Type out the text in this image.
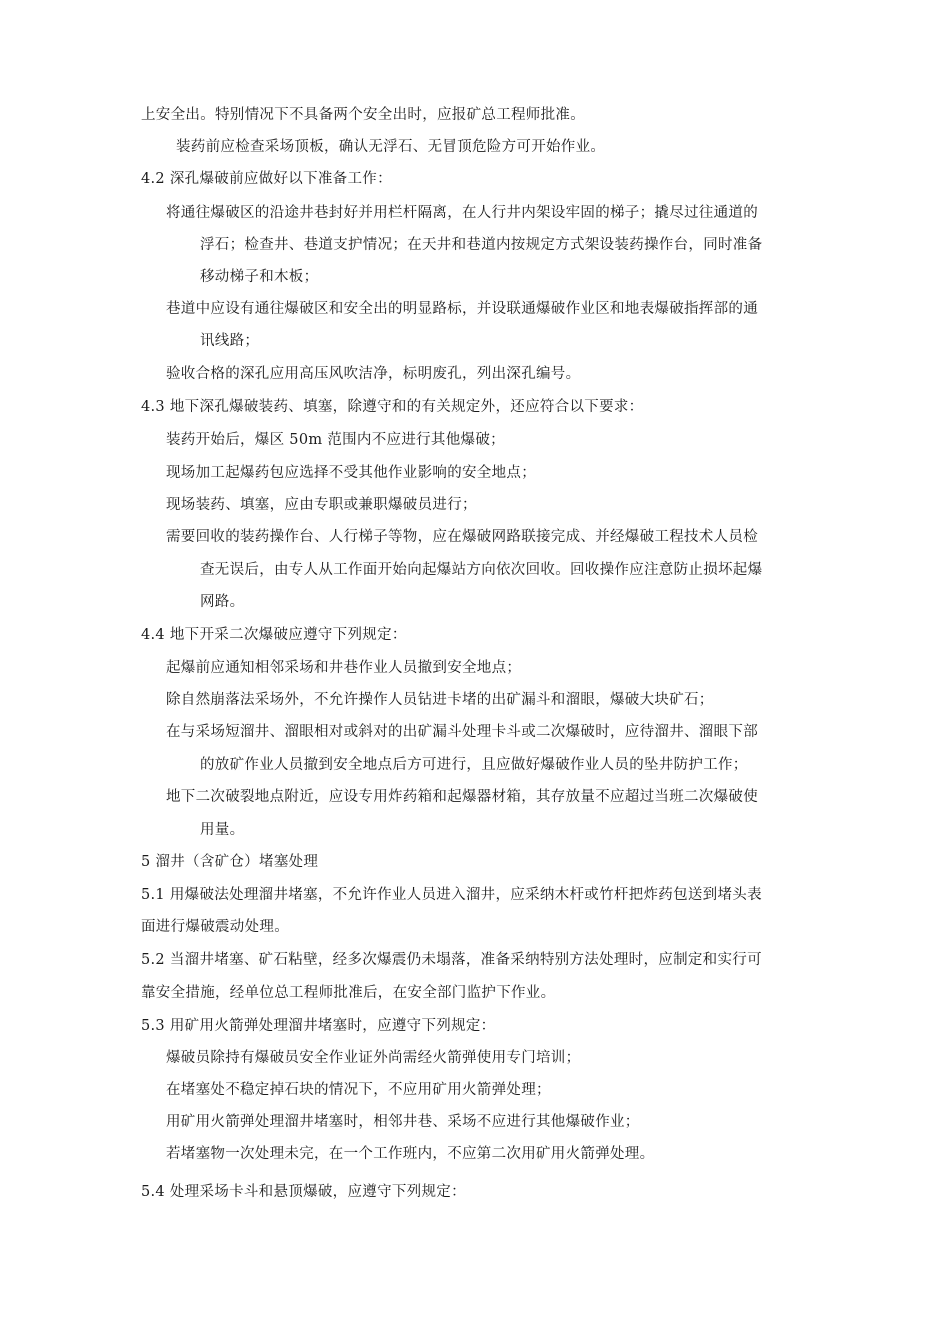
上安全出。特别情况下不具备两个安全出时，应报矿总工程师批准。
装药前应检查采场顶板，确认无浮石、无冒顶危险方可开始作业。
4.2 深孔爆破前应做好以下准备工作：
将通往爆破区的沿途井巷封好并用栏杆隔离，在人行井内架设牢固的梯子；撬尽过往通道的
浮石；检查井、巷道支护情况；在天井和巷道内按规定方式架设装药操作台，同时准备
移动梯子和木板；
巷道中应设有通往爆破区和安全出的明显路标，并设联通爆破作业区和地表爆破指挥部的通
讯线路；
验收合格的深孔应用高压风吹洁净，标明废孔，列出深孔编号。
4.3 地下深孔爆破装药、填塞，除遵守和的有关规定外，还应符合以下要求：
装药开始后，爆区 50m 范围内不应进行其他爆破；
现场加工起爆药包应选择不受其他作业影响的安全地点；
现场装药、填塞，应由专职或兼职爆破员进行；
需要回收的装药操作台、人行梯子等物，应在爆破网路联接完成、并经爆破工程技术人员检
查无误后，由专人从工作面开始向起爆站方向依次回收。回收操作应注意防止损坏起爆
网路。
4.4 地下开采二次爆破应遵守下列规定：
起爆前应通知相邻采场和井巷作业人员撤到安全地点；
除自然崩落法采场外，不允许操作人员钻进卡堵的出矿漏斗和溜眼，爆破大块矿石；
在与采场短溜井、溜眼相对或斜对的出矿漏斗处理卡斗或二次爆破时，应待溜井、溜眼下部
的放矿作业人员撤到安全地点后方可进行，且应做好爆破作业人员的坠井防护工作；
地下二次破裂地点附近，应设专用炸药箱和起爆器材箱，其存放量不应超过当班二次爆破使
用量。
5 溜井（含矿仓）堵塞处理
5.1 用爆破法处理溜井堵塞，不允许作业人员进入溜井，应采纳木杆或竹杆把炸药包送到堵头表
面进行爆破震动处理。
5.2 当溜井堵塞、矿石粘壁，经多次爆震仍未塌落，准备采纳特别方法处理时，应制定和实行可
靠安全措施，经单位总工程师批准后，在安全部门监护下作业。
5.3 用矿用火箭弹处理溜井堵塞时，应遵守下列规定：
爆破员除持有爆破员安全作业证外尚需经火箭弹使用专门培训；
在堵塞处不稳定掉石块的情况下，不应用矿用火箭弹处理；
用矿用火箭弹处理溜井堵塞时，相邻井巷、采场不应进行其他爆破作业；
若堵塞物一次处理未完，在一个工作班内，不应第二次用矿用火箭弹处理。
5.4 处理采场卡斗和悬顶爆破，应遵守下列规定：
